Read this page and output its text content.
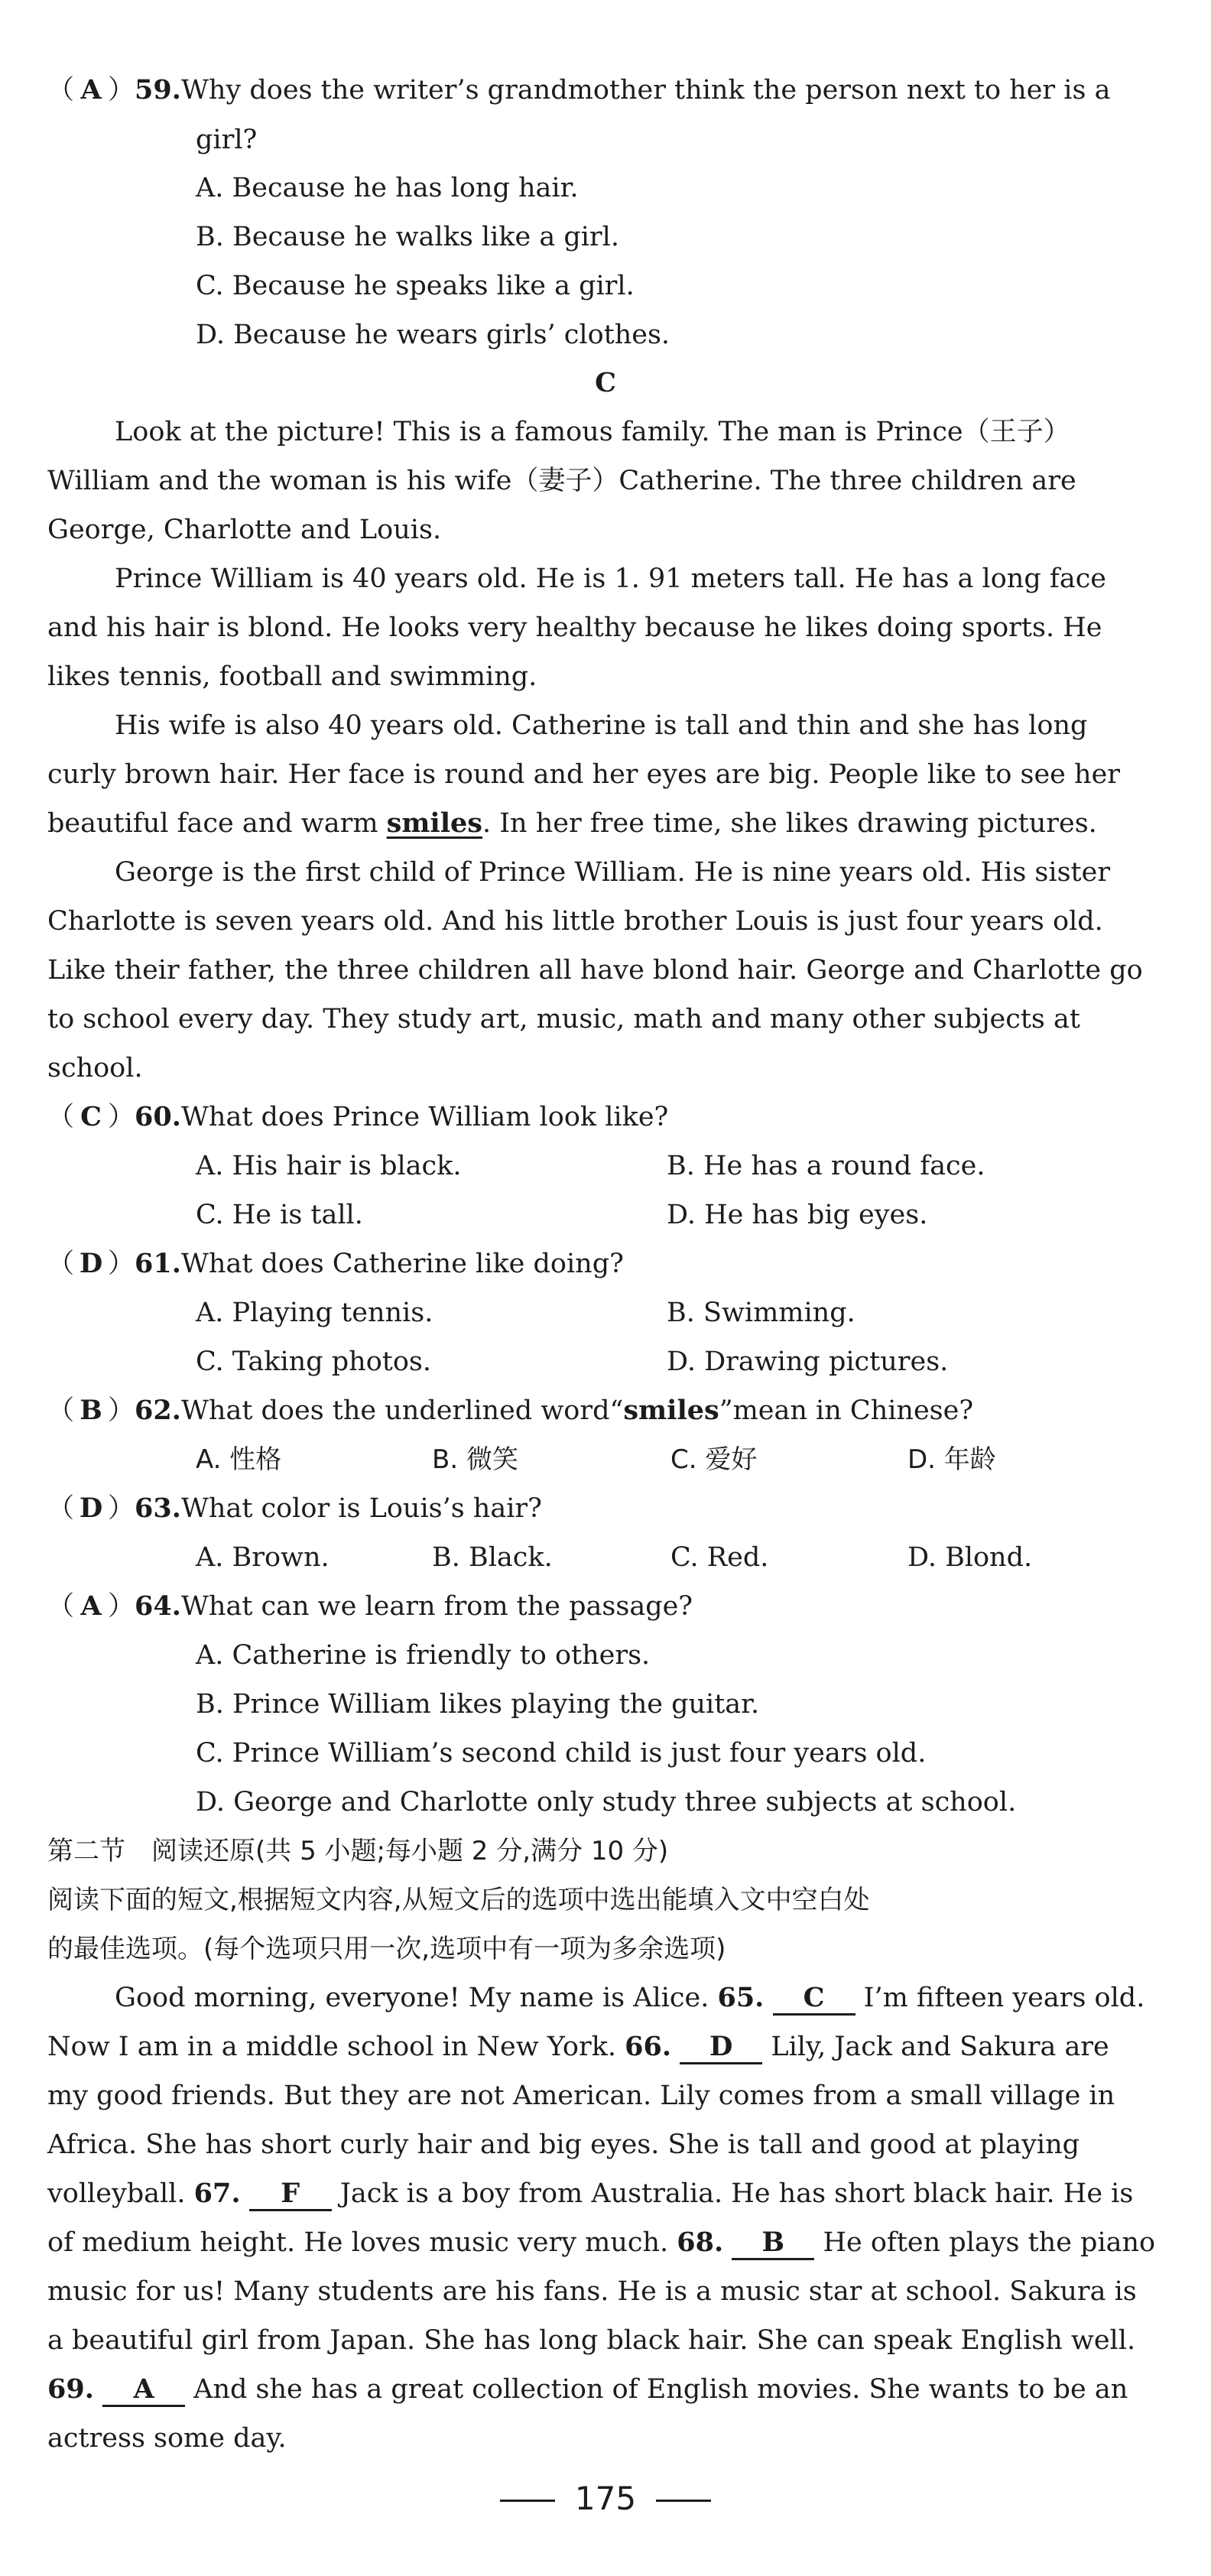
（ A ）59.Why does the writer’s grandmother think the person next to her is a
girl?
A. Because he has long hair.
B. Because he walks like a girl.
C. Because he speaks like a girl.
D. Because he wears girls’ clothes.
C
Look at the picture! This is a famous family. The man is Prince（王子）
William and the woman is his wife（妻子）Catherine. The three children are
George, Charlotte and Louis.
Prince William is 40 years old. He is 1. 91 meters tall. He has a long face
and his hair is blond. He looks very healthy because he likes doing sports. He
likes tennis, football and swimming.
His wife is also 40 years old. Catherine is tall and thin and she has long
curly brown hair. Her face is round and her eyes are big. People like to see her
beautiful face and warm smiles. In her free time, she likes drawing pictures.
George is the first child of Prince William. He is nine years old. His sister
Charlotte is seven years old. And his little brother Louis is just four years old.
Like their father, the three children all have blond hair. George and Charlotte go
to school every day. They study art, music, math and many other subjects at
school.
（ C ）60.What does Prince William look like?
A. His hair is black.	B. He has a round face.
C. He is tall.	D. He has big eyes.
（ D ）61.What does Catherine like doing?
A. Playing tennis.	B. Swimming.
C. Taking photos.	D. Drawing pictures.
（ B ）62.What does the underlined word“smiles”mean in Chinese?
A. 性格	B. 微笑	C. 爱好	D. 年龄
（ D ）63.What color is Louis’s hair?
A. Brown.	B. Black.	C. Red.	D. Blond.
（ A ）64.What can we learn from the passage?
A. Catherine is friendly to others.
B. Prince William likes playing the guitar.
C. Prince William’s second child is just four years old.
D. George and Charlotte only study three subjects at school.
第二节　阅读还原(共 5 小题;每小题 2 分,满分 10 分)
阅读下面的短文,根据短文内容,从短文后的选项中选出能填入文中空白处
的最佳选项。(每个选项只用一次,选项中有一项为多余选项)
Good morning, everyone! My name is Alice. 65. C I’m fifteen years old.
Now I am in a middle school in New York. 66. D Lily, Jack and Sakura are
my good friends. But they are not American. Lily comes from a small village in
Africa. She has short curly hair and big eyes. She is tall and good at playing
volleyball. 67. F Jack is a boy from Australia. He has short black hair. He is
of medium height. He loves music very much. 68. B He often plays the piano
music for us! Many students are his fans. He is a music star at school. Sakura is
a beautiful girl from Japan. She has long black hair. She can speak English well.
69. A And she has a great collection of English movies. She wants to be an
actress some day.
175
